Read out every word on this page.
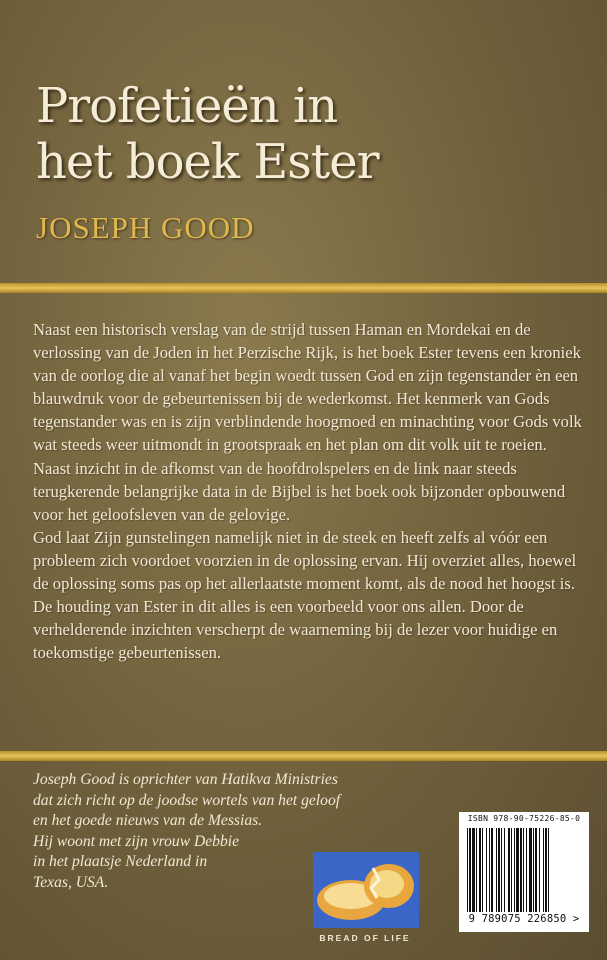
Profetieën in
het boek Ester
JOSEPH GOOD

Naast een historisch verslag van de strijd tussen Haman en Mordekai en de verlossing van de Joden in het Perzische Rijk, is het boek Ester tevens een kroniek van de oorlog die al vanaf het begin woedt tussen God en zijn tegenstander èn een blauwdruk voor de gebeurtenissen bij de wederkomst. Het kenmerk van Gods tegenstander was en is zijn verblindende hoogmoed en minachting voor Gods volk wat steeds weer uitmondt in grootspraak en het plan om dit volk uit te roeien. Naast inzicht in de afkomst van de hoofdrolspelers en de link naar steeds terugkerende belangrijke data in de Bijbel is het boek ook bijzonder opbouwend voor het geloofsleven van de gelovige.

God laat Zijn gunstelingen namelijk niet in de steek en heeft zelfs al vóór een probleem zich voordoet voorzien in de oplossing ervan. Hij overziet alles, hoewel de oplossing soms pas op het allerlaatste moment komt, als de nood het hoogst is. De houding van Ester in dit alles is een voorbeeld voor ons allen. Door de verhelderende inzichten verscherpt de waarneming bij de lezer voor huidige en toekomstige gebeurtenissen.

Joseph Good is oprichter van Hatikva Ministries
dat zich richt op de joodse wortels van het geloof
en het goede nieuws van de Messias.
Hij woont met zijn vrouw Debbie
in het plaatsje Nederland in
Texas, USA.
BREAD OF LIFE
ISBN 978-90-75226-85-0
9 789075 226850 >
